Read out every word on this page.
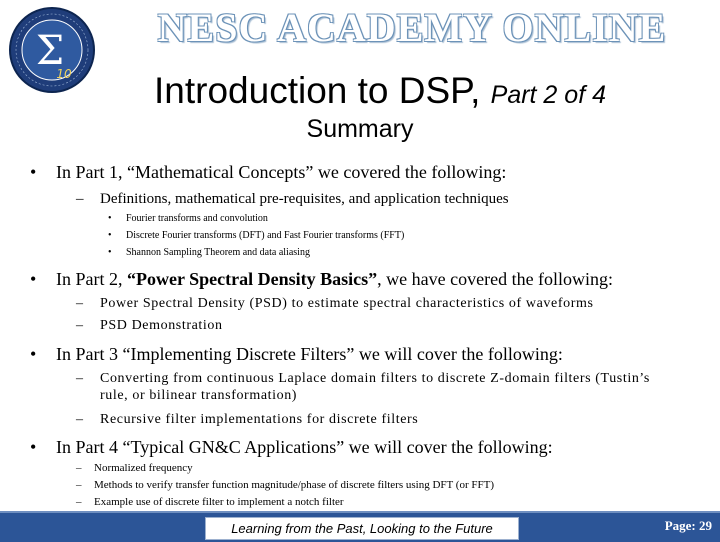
Σ
10
NESC ACADEMY ONLINE
Introduction to DSP, Part 2 of 4
Summary
• In Part 1, “Mathematical Concepts” we covered the following:
– Definitions, mathematical pre-requisites, and application techniques
• Fourier transforms and convolution
• Discrete Fourier transforms (DFT) and Fast Fourier transforms (FFT)
• Shannon Sampling Theorem and data aliasing
• In Part 2, “Power Spectral Density Basics”, we have covered the following:
– Power Spectral Density (PSD) to estimate spectral characteristics of waveforms
– PSD Demonstration
• In Part 3 “Implementing Discrete Filters” we will cover the following:
– Converting from continuous Laplace domain filters to discrete Z-domain filters (Tustin’s
rule, or bilinear transformation)
– Recursive filter implementations for discrete filters
• In Part 4 “Typical GN&C Applications” we will cover the following:
– Normalized frequency
– Methods to verify transfer function magnitude/phase of discrete filters using DFT (or FFT)
– Example use of discrete filter to implement a notch filter
Learning from the Past, Looking to the Future	Page: 29
